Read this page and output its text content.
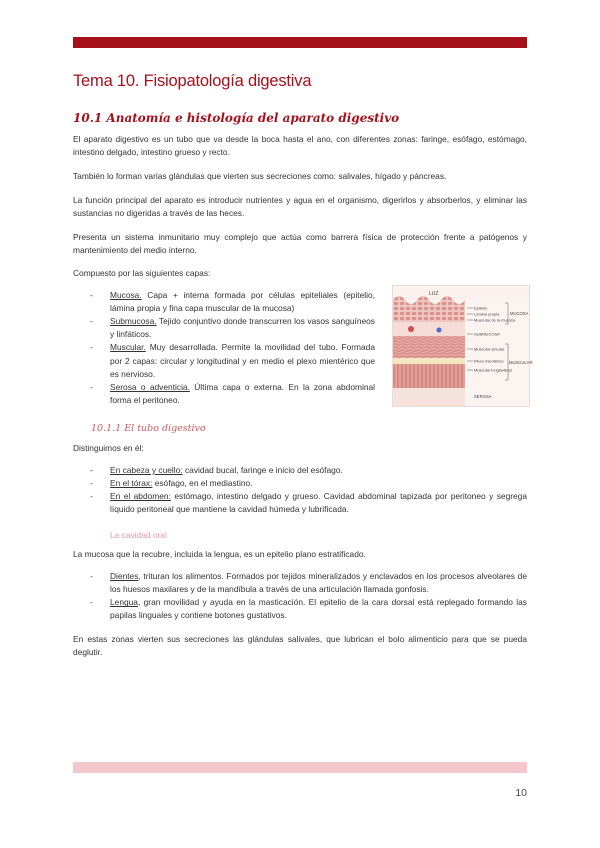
Tema 10. Fisiopatología digestiva
10.1 Anatomía e histología del aparato digestivo

El aparato digestivo es un tubo que va desde la boca hasta el ano, con diferentes zonas: faringe, esófago, estómago, intestino delgado, intestino grueso y recto.

También lo forman varias glándulas que vierten sus secreciones como: salivales, hígado y páncreas.

La función principal del aparato es introducir nutrientes y agua en el organismo, digerirlos y absorberlos, y eliminar las sustancias no digeridas a través de las heces.

Presenta un sistema inmunitario muy complejo que actúa como barrera física de protección frente a patógenos y mantenimiento del medio interno.

Compuesto por las siguientes capas:

- Mucosa. Capa + interna formada por células epiteliales (epitelio, lámina propia y fina capa muscular de la mucosa)
- Submucosa. Tejido conjuntivo donde transcurren los vasos sanguíneos y linfáticos.
- Muscular. Muy desarrollada. Permite la movilidad del tubo. Formada por 2 capas: circular y longitudinal y en medio el plexo mientérico que es nervioso.
- Serosa o adventicia. Última capa o externa. En la zona abdominal forma el peritoneo.
LUZ
Epitelio
Lámina propia
Muscular de la mucosa
MUCOSA
SUBMUCOSA
Muscular circular
Plexo mientérico
Muscular longitudinal
MUSCULAR
SEROSA
10.1.1 El tubo digestivo

Distinguimos en él:

- En cabeza y cuello: cavidad bucal, faringe e inicio del esófago.
- En el tórax: esófago, en el mediastino.
- En el abdomen: estómago, intestino delgado y grueso. Cavidad abdominal tapizada por peritoneo y segrega líquido peritoneal que mantiene la cavidad húmeda y lubrificada.
La cavidad oral

La mucosa que la recubre, incluida la lengua, es un epitelio plano estratificado.

- Dientes, trituran los alimentos. Formados por tejidos mineralizados y enclavados en los procesos alveolares de los huesos maxilares y de la mandíbula a través de una articulación llamada gonfosis.
- Lengua, gran movilidad y ayuda en la masticación. El epitelio de la cara dorsal está replegado formando las papilas linguales y contiene botones gustativos.

En estas zonas vierten sus secreciones las glándulas salivales, que lubrican el bolo alimenticio para que se pueda deglutir.

10
